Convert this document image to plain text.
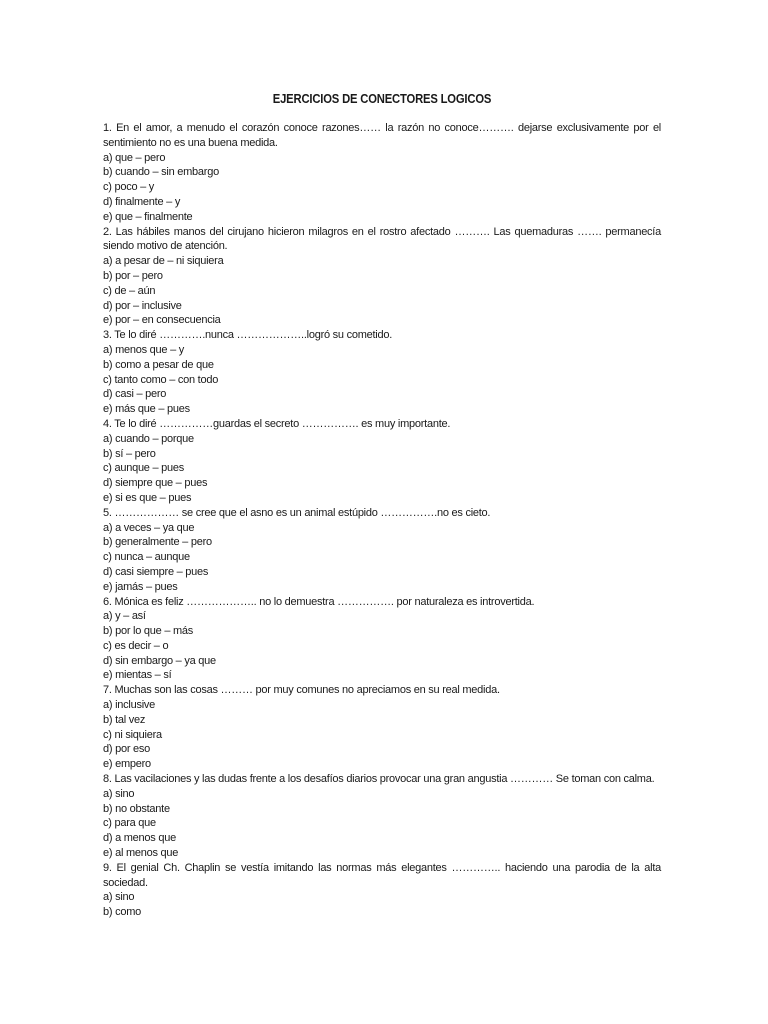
EJERCICIOS DE CONECTORES LOGICOS

1. En el amor, a menudo el corazón conoce razones…… la razón no conoce………. dejarse exclusivamente por el sentimiento no es una buena medida.

a) que – pero
b) cuando – sin embargo
c) poco – y
d) finalmente – y
e) que – finalmente

2. Las hábiles manos del cirujano hicieron milagros en el rostro afectado ………. Las quemaduras ……. permanecía siendo motivo de atención.

a) a pesar de – ni siquiera
b) por – pero
c) de – aún
d) por – inclusive
e) por – en consecuencia

3. Te lo diré ………….nunca ………………..logró su cometido.

a) menos que – y
b) como a pesar de que
c) tanto como – con todo
d) casi – pero
e) más que – pues

4. Te lo diré ……………guardas el secreto ……………. es muy importante.

a) cuando – porque
b) sí – pero
c) aunque – pues
d) siempre que – pues
e) si es que – pues

5. ……………… se cree que el asno es un animal estúpido …………….no es cieto.

a) a veces – ya que
b) generalmente – pero
c) nunca – aunque
d) casi siempre – pues
e) jamás – pues

6. Mónica es feliz ……………….. no lo demuestra ……………. por naturaleza es introvertida.

a) y – así
b) por lo que – más
c) es decir – o
d) sin embargo – ya que
e) mientas – sí

7. Muchas son las cosas ……… por muy comunes no apreciamos en su real medida.

a) inclusive
b) tal vez
c) ni siquiera
d) por eso
e) empero

8. Las vacilaciones y las dudas frente a los desafíos diarios provocar una gran angustia ………… Se toman con calma.

a) sino
b) no obstante
c) para que
d) a menos que
e) al menos que

9. El genial Ch. Chaplin se vestía imitando las normas más elegantes ………….. haciendo una parodia de la alta sociedad.

a) sino
b) como
